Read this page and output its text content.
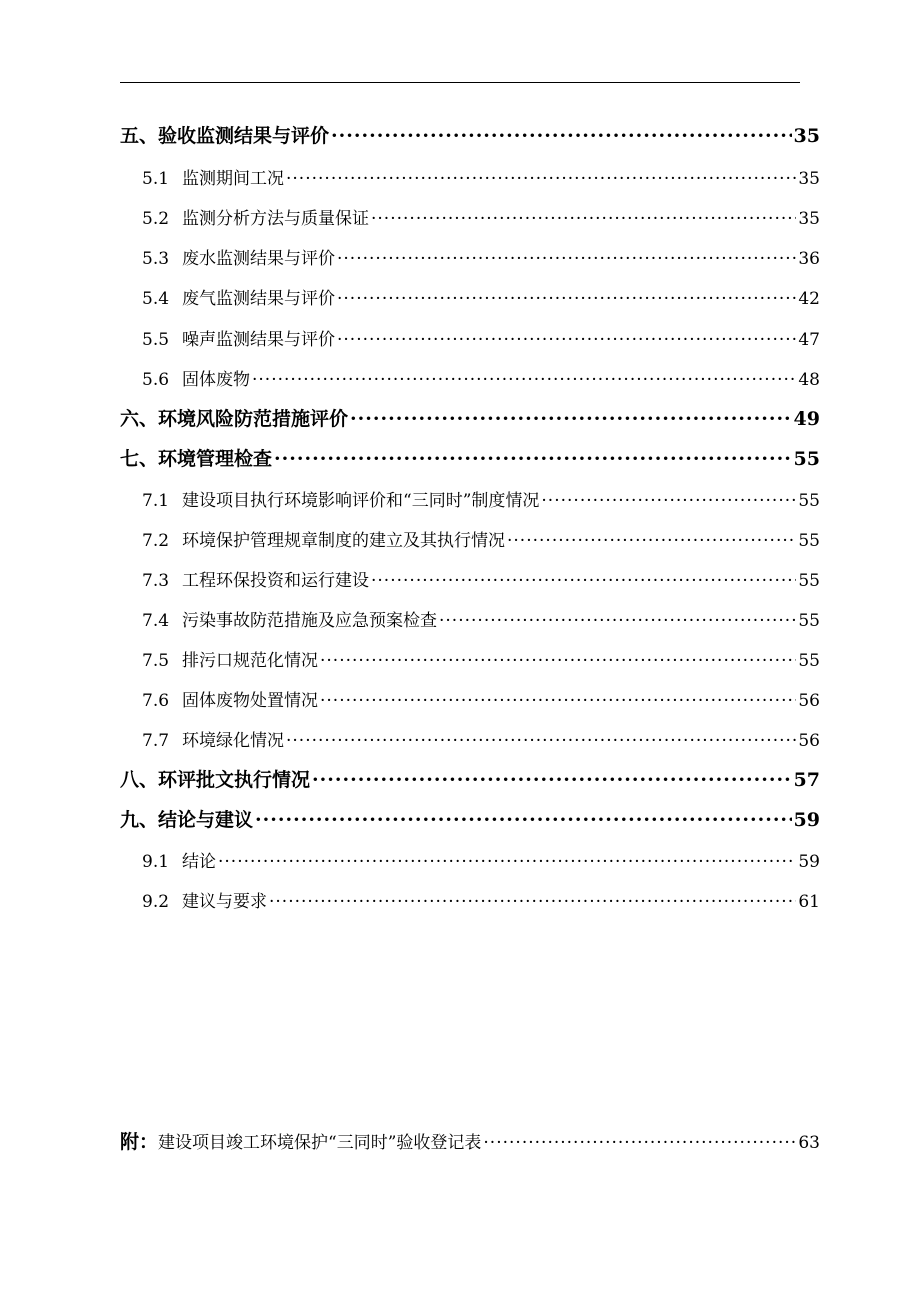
五、验收监测结果与评价 ·····	35
5.1 监测期间工况 ·····	35
5.2 监测分析方法与质量保证 ·····	35
5.3 废水监测结果与评价 ·····	36
5.4 废气监测结果与评价 ·····	42
5.5 噪声监测结果与评价 ·····	47
5.6 固体废物 ·····	48
六、环境风险防范措施评价 ·····	49
七、环境管理检查 ·····	55
7.1 建设项目执行环境影响评价和“三同时”制度情况 ·····	55
7.2 环境保护管理规章制度的建立及其执行情况 ·····	55
7.3 工程环保投资和运行建设 ·····	55
7.4 污染事故防范措施及应急预案检查 ·····	55
7.5 排污口规范化情况 ·····	55
7.6 固体废物处置情况 ·····	56
7.7 环境绿化情况 ·····	56
八、环评批文执行情况 ·····	57
九、结论与建议 ·····	59
9.1 结论 ·····	59
9.2 建议与要求 ·····	61
附： 建设项目竣工环境保护“三同时”验收登记表 ·····	63
